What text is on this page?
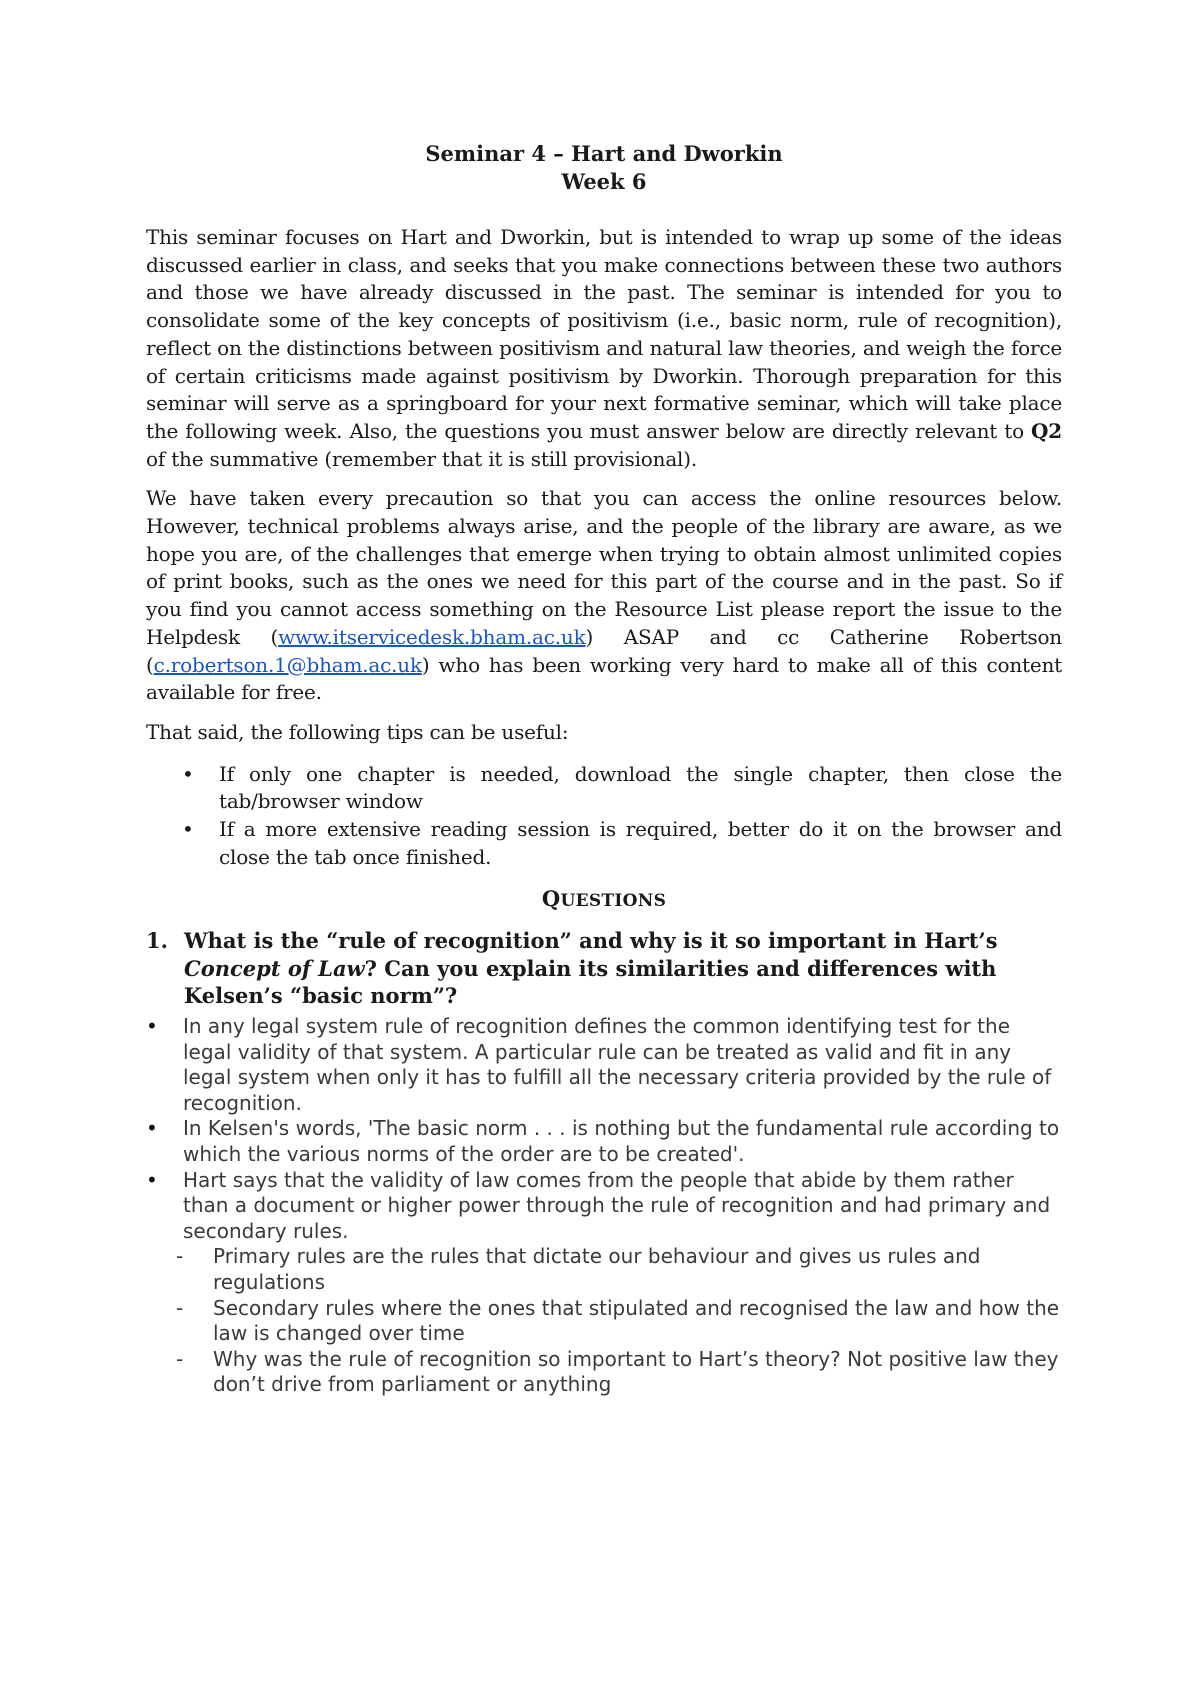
Seminar 4 – Hart and Dworkin

Week 6

This seminar focuses on Hart and Dworkin, but is intended to wrap up some of the ideas discussed earlier in class, and seeks that you make connections between these two authors and those we have already discussed in the past. The seminar is intended for you to consolidate some of the key concepts of positivism (i.e., basic norm, rule of recognition), reflect on the distinctions between positivism and natural law theories, and weigh the force of certain criticisms made against positivism by Dworkin. Thorough preparation for this seminar will serve as a springboard for your next formative seminar, which will take place the following week. Also, the questions you must answer below are directly relevant to Q2 of the summative (remember that it is still provisional).

We have taken every precaution so that you can access the online resources below. However, technical problems always arise, and the people of the library are aware, as we hope you are, of the challenges that emerge when trying to obtain almost unlimited copies of print books, such as the ones we need for this part of the course and in the past. So if you find you cannot access something on the Resource List please report the issue to the Helpdesk (www.itservicedesk.bham.ac.uk) ASAP and cc Catherine Robertson (c.robertson.1@bham.ac.uk) who has been working very hard to make all of this content available for free.

That said, the following tips can be useful:

• If only one chapter is needed, download the single chapter, then close the tab/browser window
• If a more extensive reading session is required, better do it on the browser and close the tab once finished.

QUESTIONS

1. What is the “rule of recognition” and why is it so important in Hart’s Concept of Law? Can you explain its similarities and differences with Kelsen’s “basic norm”?

• In any legal system rule of recognition defines the common identifying test for the legal validity of that system. A particular rule can be treated as valid and fit in any legal system when only it has to fulfill all the necessary criteria provided by the rule of recognition.
• In Kelsen's words, 'The basic norm . . . is nothing but the fundamental rule according to which the various norms of the order are to be created'.
• Hart says that the validity of law comes from the people that abide by them rather than a document or higher power through the rule of recognition and had primary and secondary rules.
- Primary rules are the rules that dictate our behaviour and gives us rules and regulations
- Secondary rules where the ones that stipulated and recognised the law and how the law is changed over time
- Why was the rule of recognition so important to Hart’s theory? Not positive law they don’t drive from parliament or anything
